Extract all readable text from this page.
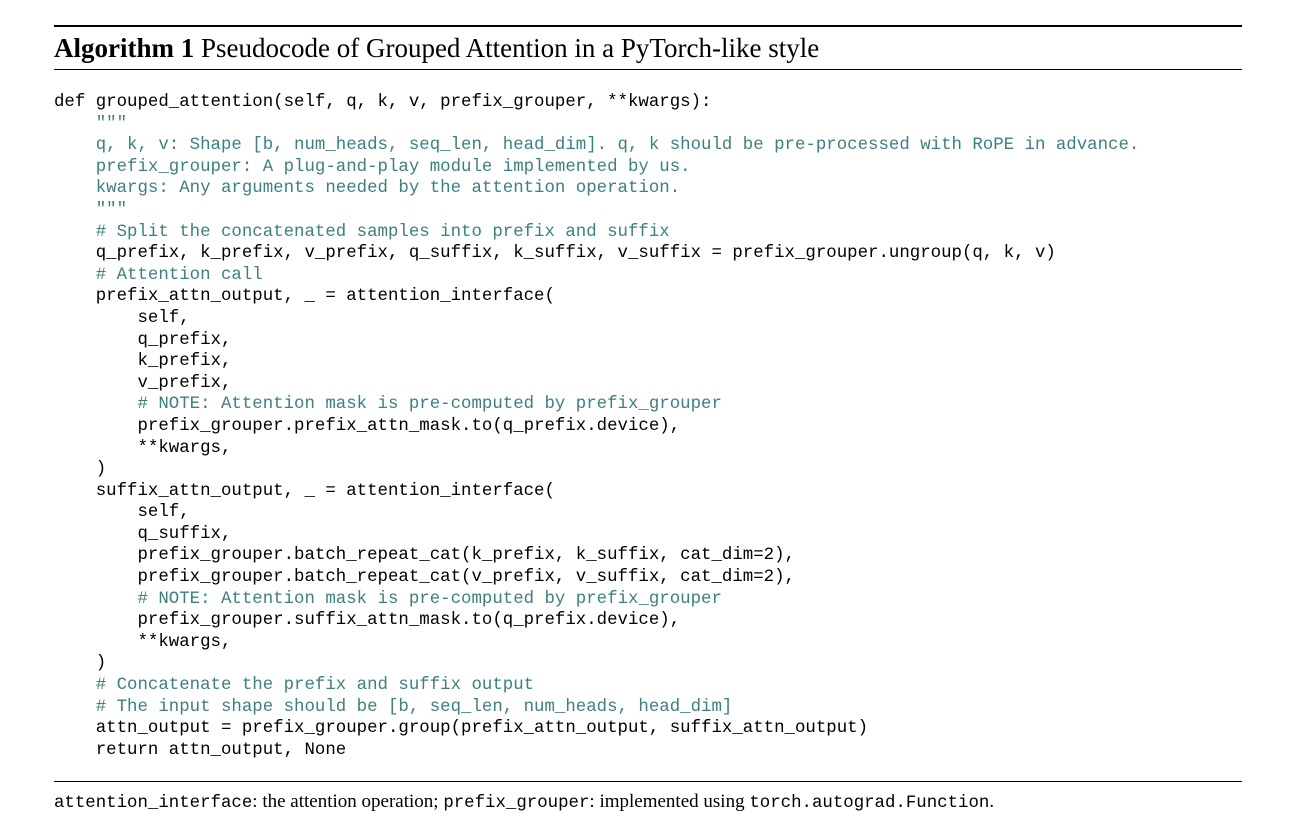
Algorithm 1 Pseudocode of Grouped Attention in a PyTorch-like style
def grouped_attention(self, q, k, v, prefix_grouper, **kwargs):
"""
q, k, v: Shape [b, num_heads, seq_len, head_dim]. q, k should be pre-processed with RoPE in advance.
prefix_grouper: A plug-and-play module implemented by us.
kwargs: Any arguments needed by the attention operation.
"""
# Split the concatenated samples into prefix and suffix
q_prefix, k_prefix, v_prefix, q_suffix, k_suffix, v_suffix = prefix_grouper.ungroup(q, k, v)
# Attention call
prefix_attn_output, _ = attention_interface(
self,
q_prefix,
k_prefix,
v_prefix,
# NOTE: Attention mask is pre-computed by prefix_grouper
prefix_grouper.prefix_attn_mask.to(q_prefix.device),
**kwargs,
)
suffix_attn_output, _ = attention_interface(
self,
q_suffix,
prefix_grouper.batch_repeat_cat(k_prefix, k_suffix, cat_dim=2),
prefix_grouper.batch_repeat_cat(v_prefix, v_suffix, cat_dim=2),
# NOTE: Attention mask is pre-computed by prefix_grouper
prefix_grouper.suffix_attn_mask.to(q_prefix.device),
**kwargs,
)
# Concatenate the prefix and suffix output
# The input shape should be [b, seq_len, num_heads, head_dim]
attn_output = prefix_grouper.group(prefix_attn_output, suffix_attn_output)
return attn_output, None
attention_interface: the attention operation; prefix_grouper: implemented using torch.autograd.Function.
